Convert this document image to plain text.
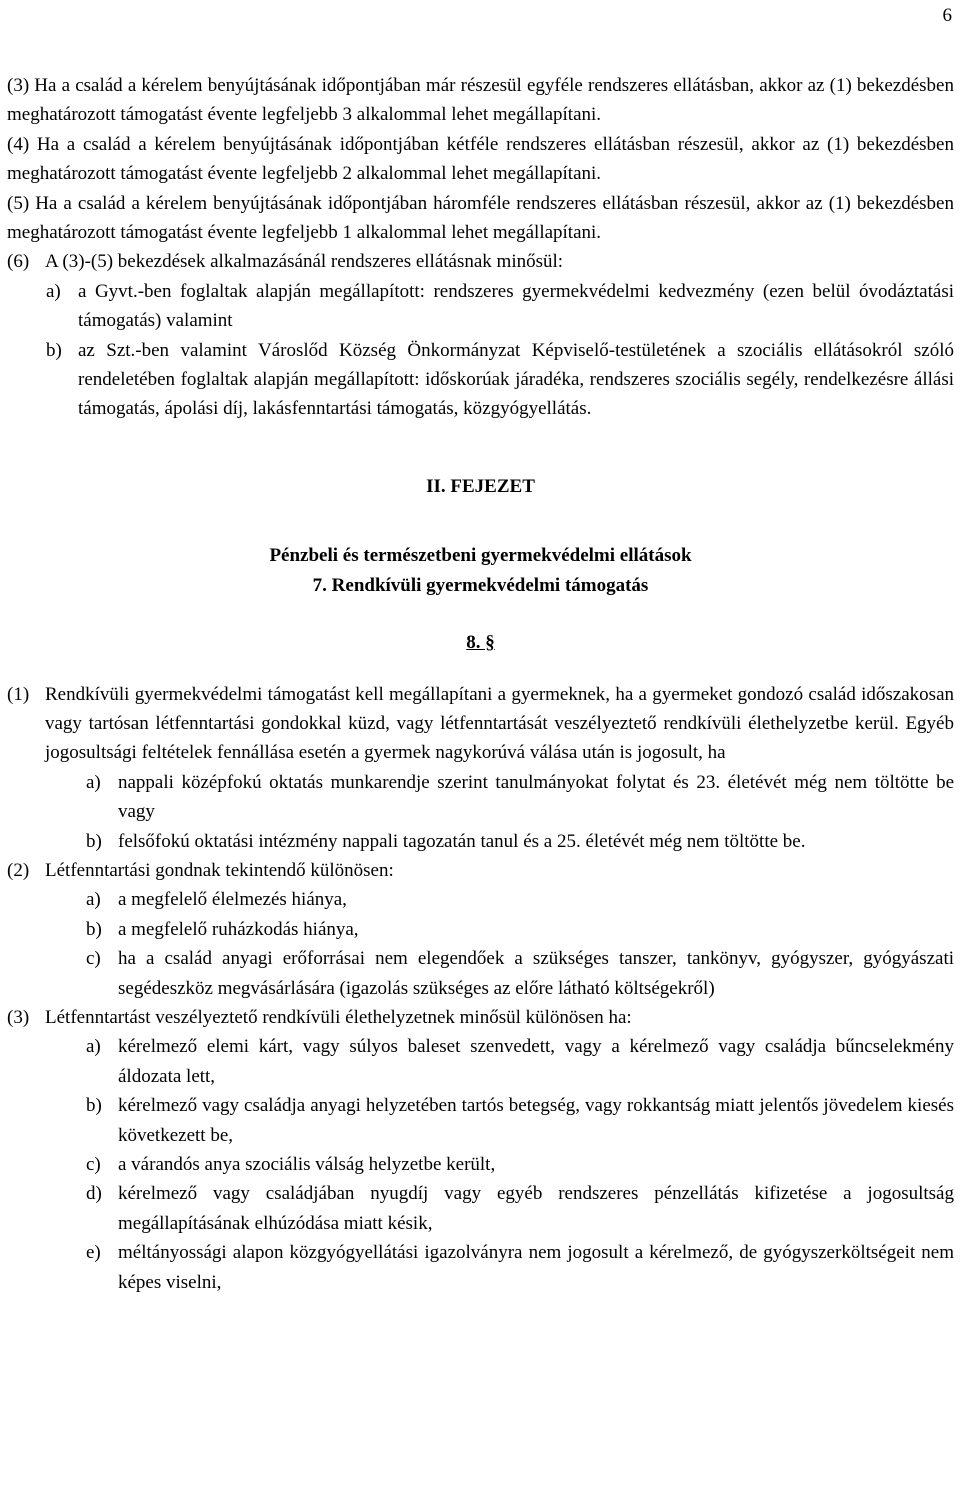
6

(3) Ha a család a kérelem benyújtásának időpontjában már részesül egyféle rendszeres ellátásban, akkor az (1) bekezdésben meghatározott támogatást évente legfeljebb 3 alkalommal lehet megállapítani.

(4) Ha a család a kérelem benyújtásának időpontjában kétféle rendszeres ellátásban részesül, akkor az (1) bekezdésben meghatározott támogatást évente legfeljebb 2 alkalommal lehet megállapítani.

(5) Ha a család a kérelem benyújtásának időpontjában háromféle rendszeres ellátásban részesül, akkor az (1) bekezdésben meghatározott támogatást évente legfeljebb 1 alkalommal lehet megállapítani.

(6) A (3)-(5) bekezdések alkalmazásánál rendszeres ellátásnak minősül:
a) a Gyvt.-ben foglaltak alapján megállapított: rendszeres gyermekvédelmi kedvezmény (ezen belül óvodáztatási támogatás) valamint
b) az Szt.-ben valamint Városlőd Község Önkormányzat Képviselő-testületének a szociális ellátásokról szóló rendeletében foglaltak alapján megállapított: időskorúak járadéka, rendszeres szociális segély, rendelkezésre állási támogatás, ápolási díj, lakásfenntartási támogatás, közgyógyellátás.

II. FEJEZET

Pénzbeli és természetbeni gyermekvédelmi ellátások

7. Rendkívüli gyermekvédelmi támogatás

8. §

(1) Rendkívüli gyermekvédelmi támogatást kell megállapítani a gyermeknek, ha a gyermeket gondozó család időszakosan vagy tartósan létfenntartási gondokkal küzd, vagy létfenntartását veszélyeztető rendkívüli élethelyzetbe kerül. Egyéb jogosultsági feltételek fennállása esetén a gyermek nagykorúvá válása után is jogosult, ha
a) nappali középfokú oktatás munkarendje szerint tanulmányokat folytat és 23. életévét még nem töltötte be vagy
b) felsőfokú oktatási intézmény nappali tagozatán tanul és a 25. életévét még nem töltötte be.
(2) Létfenntartási gondnak tekintendő különösen:
a) a megfelelő élelmezés hiánya,
b) a megfelelő ruházkodás hiánya,
c) ha a család anyagi erőforrásai nem elegendőek a szükséges tanszer, tankönyv, gyógyszer, gyógyászati segédeszköz megvásárlására (igazolás szükséges az előre látható költségekről)
(3) Létfenntartást veszélyeztető rendkívüli élethelyzetnek minősül különösen ha:
a) kérelmező elemi kárt, vagy súlyos baleset szenvedett, vagy a kérelmező vagy családja bűncselekmény áldozata lett,
b) kérelmező vagy családja anyagi helyzetében tartós betegség, vagy rokkantság miatt jelentős jövedelem kiesés következett be,
c) a várandós anya szociális válság helyzetbe került,
d) kérelmező vagy családjában nyugdíj vagy egyéb rendszeres pénzellátás kifizetése a jogosultság megállapításának elhúzódása miatt késik,
e) méltányossági alapon közgyógyellátási igazolványra nem jogosult a kérelmező, de gyógyszerköltségeit nem képes viselni,
